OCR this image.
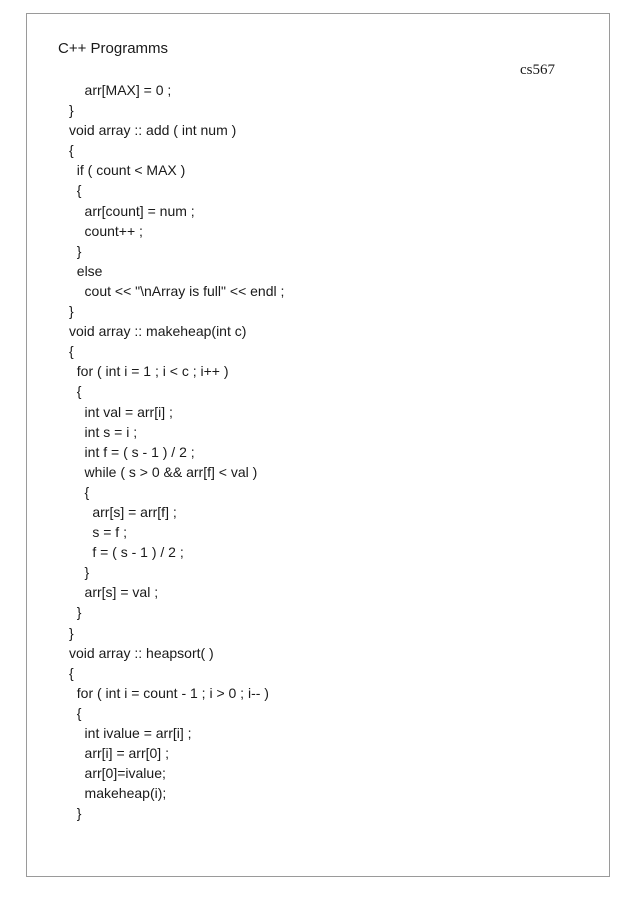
C++ Programms
cs567
arr[MAX] = 0 ;
}
void array :: add ( int num )
{
if ( count < MAX )
{
arr[count] = num ;
count++ ;
}
else
cout << "\nArray is full" << endl ;
}
void array :: makeheap(int c)
{
for ( int i = 1 ; i < c ; i++ )
{
int val = arr[i] ;
int s = i ;
int f = ( s - 1 ) / 2 ;
while ( s > 0 && arr[f] < val )
{
arr[s] = arr[f] ;
s = f ;
f = ( s - 1 ) / 2 ;
}
arr[s] = val ;
}
}
void array :: heapsort( )
{
for ( int i = count - 1 ; i > 0 ; i-- )
{
int ivalue = arr[i] ;
arr[i] = arr[0] ;
arr[0]=ivalue;
makeheap(i);
}
